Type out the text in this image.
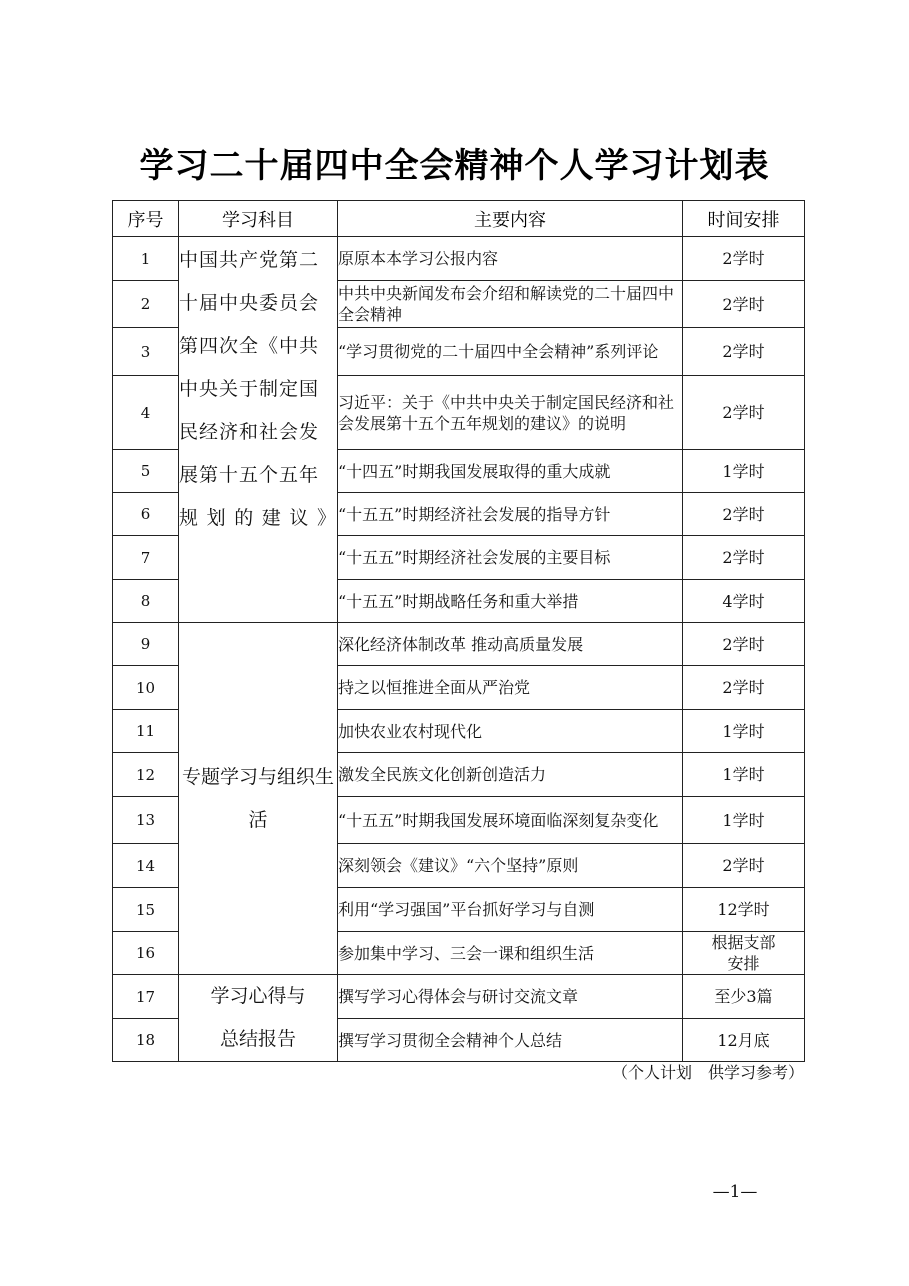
学习二十届四中全会精神个人学习计划表
序号	学习科目	主要内容	时间安排
1	中国共产党第二十届中央委员会第四次全《中共中央关于制定国民经济和社会发展第十五个五年规划的建议》	原原本本学习公报内容	2学时
2		中共中央新闻发布会介绍和解读党的二十届四中全会精神	2学时
3		“学习贯彻党的二十届四中全会精神”系列评论	2学时
4		习近平：关于《中共中央关于制定国民经济和社会发展第十五个五年规划的建议》的说明	2学时
5		“十四五”时期我国发展取得的重大成就	1学时
6		“十五五”时期经济社会发展的指导方针	2学时
7		“十五五”时期经济社会发展的主要目标	2学时
8		“十五五”时期战略任务和重大举措	4学时
9	专题学习与组织生活	深化经济体制改革 推动高质量发展	2学时
10		持之以恒推进全面从严治党	2学时
11		加快农业农村现代化	1学时
12		激发全民族文化创新创造活力	1学时
13		“十五五”时期我国发展环境面临深刻复杂变化	1学时
14		深刻领会《建议》“六个坚持”原则	2学时
15		利用“学习强国”平台抓好学习与自测	12学时
16		参加集中学习、三会一课和组织生活	根据支部安排
17	学习心得与总结报告	撰写学习心得体会与研讨交流文章	至少3篇
18		撰写学习贯彻全会精神个人总结	12月底
（个人计划　供学习参考）
—1—
